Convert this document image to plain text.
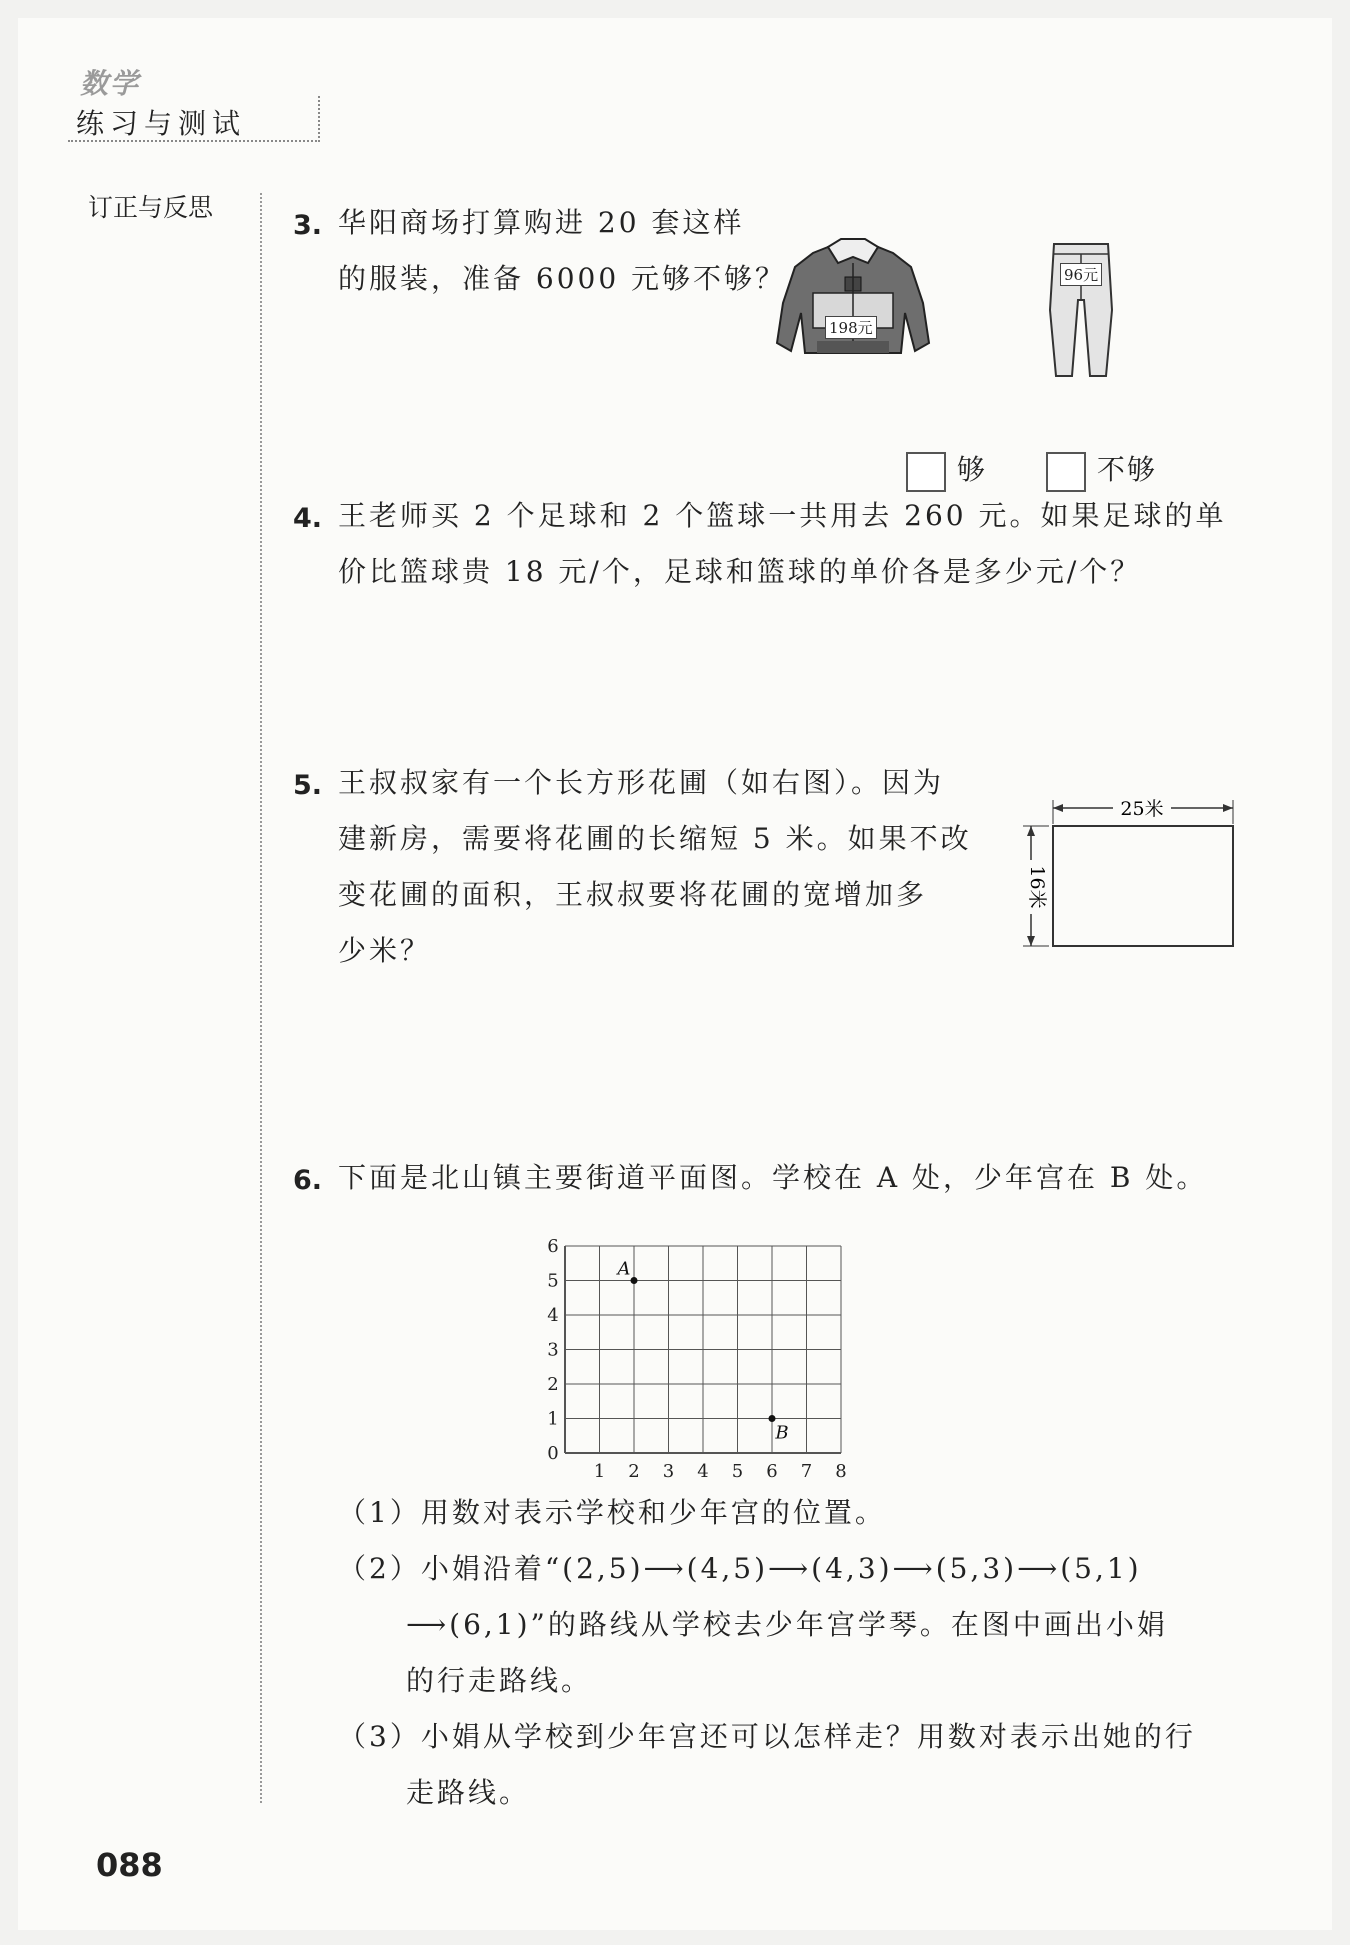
数学
练习与测试
订正与反思
3. 华阳商场打算购进 20 套这样
的服装，准备 6000 元够不够？
198元
96元
够	不够
4. 王老师买 2 个足球和 2 个篮球一共用去 260 元。如果足球的单
价比篮球贵 18 元/个，足球和篮球的单价各是多少元/个？
5. 王叔叔家有一个长方形花圃（如右图）。因为
建新房，需要将花圃的长缩短 5 米。如果不改
变花圃的面积，王叔叔要将花圃的宽增加多
少米？
25米
16米
6. 下面是北山镇主要街道平面图。学校在 A 处，少年宫在 B 处。
1 2 3 4 5 6 7 8
0
1
2
3
4
5
6
A
B
（1）用数对表示学校和少年宫的位置。
（2）小娟沿着“(2,5)⟶(4,5)⟶(4,3)⟶(5,3)⟶(5,1)
⟶(6,1)”的路线从学校去少年宫学琴。在图中画出小娟
的行走路线。
（3）小娟从学校到少年宫还可以怎样走？用数对表示出她的行
走路线。
088
